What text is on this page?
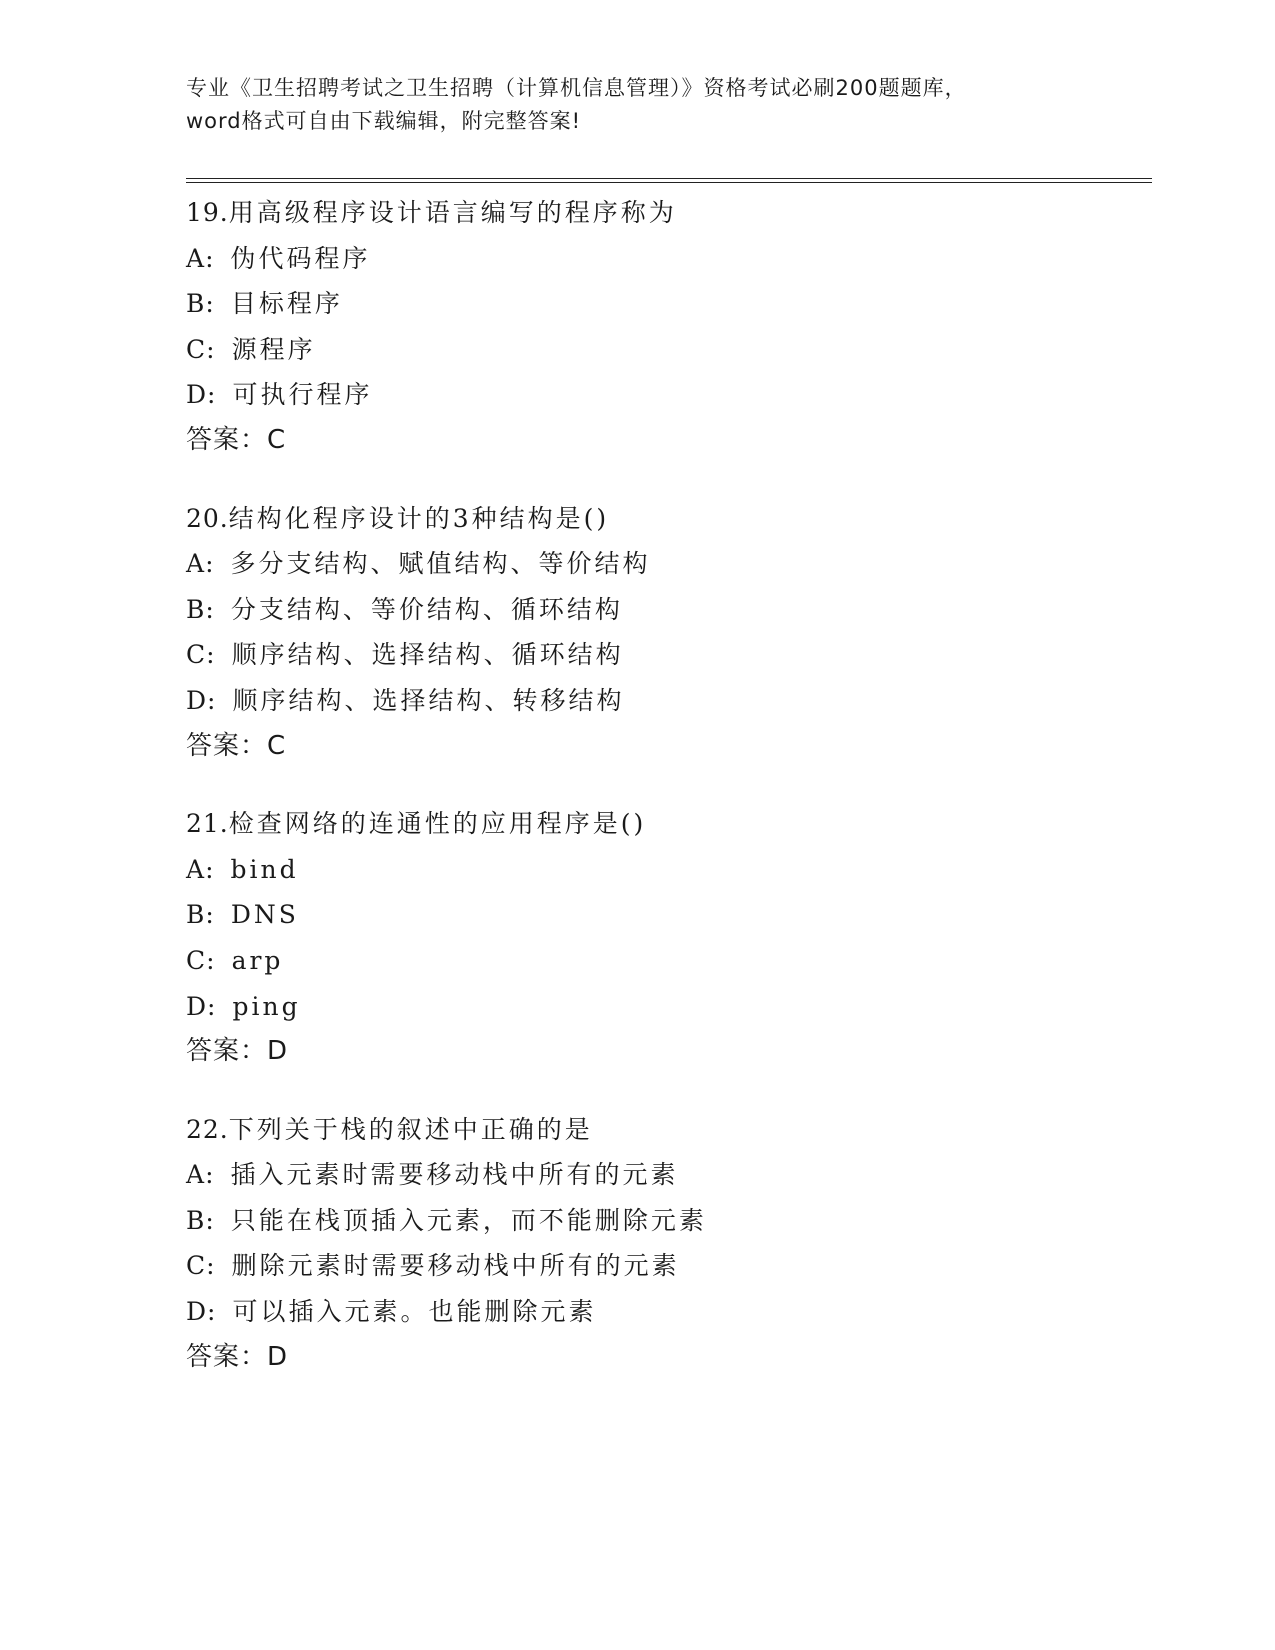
专业《卫生招聘考试之卫生招聘（计算机信息管理）》资格考试必刷200题题库，
word格式可自由下载编辑，附完整答案!
19.用高级程序设计语言编写的程序称为
A: 伪代码程序
B: 目标程序
C: 源程序
D: 可执行程序
答案：C
20.结构化程序设计的3种结构是()
A: 多分支结构、赋值结构、等价结构
B: 分支结构、等价结构、循环结构
C: 顺序结构、选择结构、循环结构
D: 顺序结构、选择结构、转移结构
答案：C
21.检查网络的连通性的应用程序是()
A: bind
B: DNS
C: arp
D: ping
答案：D
22.下列关于栈的叙述中正确的是
A: 插入元素时需要移动栈中所有的元素
B: 只能在栈顶插入元素，而不能删除元素
C: 删除元素时需要移动栈中所有的元素
D: 可以插入元素。也能删除元素
答案：D
